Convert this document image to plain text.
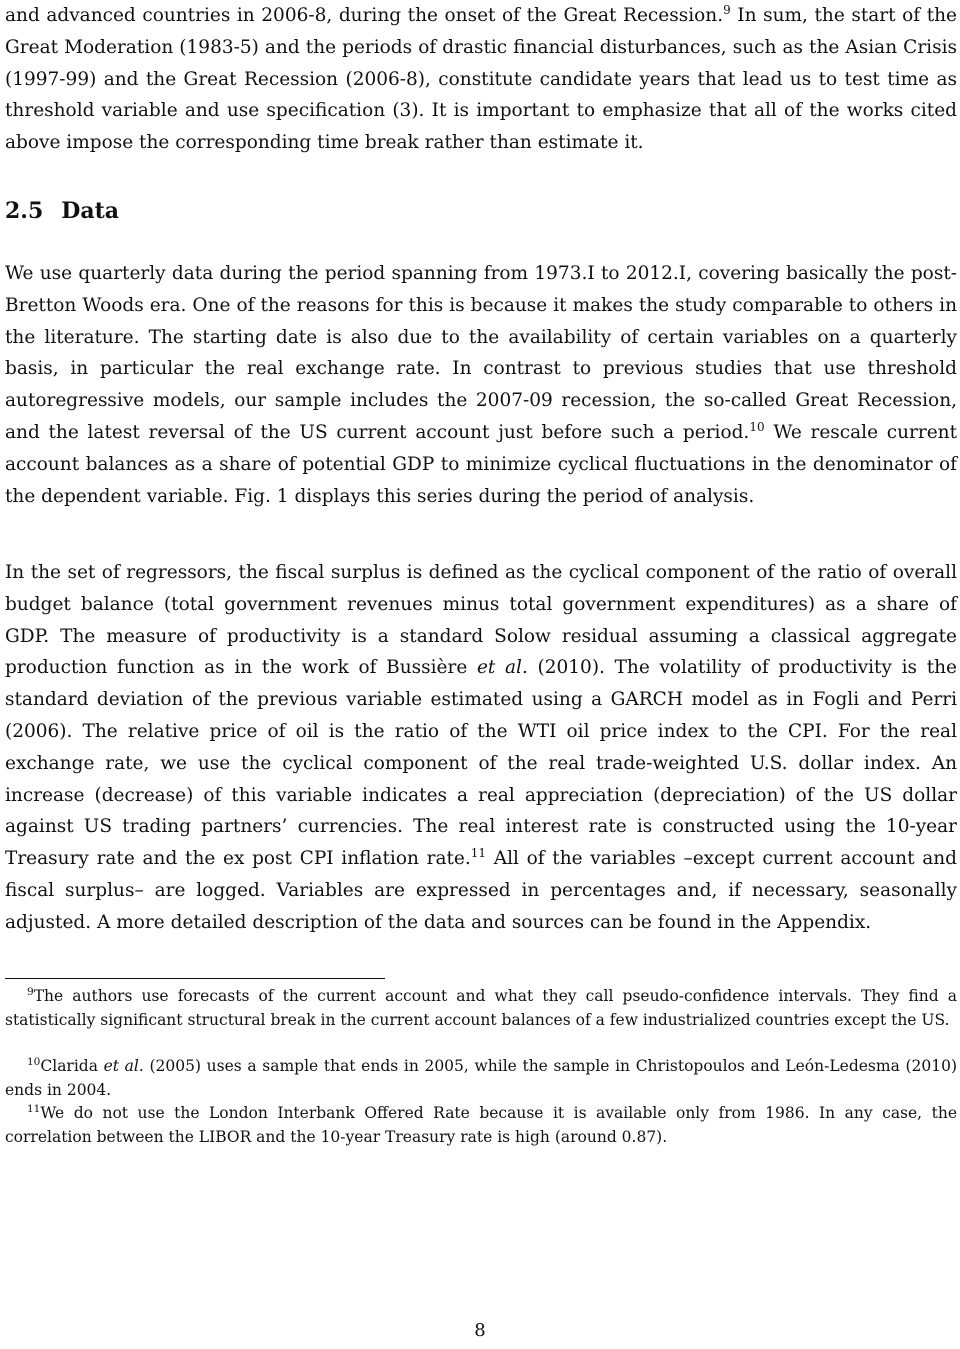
and advanced countries in 2006-8, during the onset of the Great Recession.$^9$ In sum, the start of the Great Moderation (1983-5) and the periods of drastic financial disturbances, such as the Asian Crisis (1997-99) and the Great Recession (2006-8), constitute candidate years that lead us to test time as threshold variable and use specification (3). It is important to emphasize that all of the works cited above impose the corresponding time break rather than estimate it.

2.5 Data

We use quarterly data during the period spanning from 1973.I to 2012.I, covering basically the post-Bretton Woods era. One of the reasons for this is because it makes the study comparable to others in the literature. The starting date is also due to the availability of certain variables on a quarterly basis, in particular the real exchange rate. In contrast to previous studies that use threshold autoregressive models, our sample includes the 2007-09 recession, the so-called Great Recession, and the latest reversal of the US current account just before such a period.$^{10}$ We rescale current account balances as a share of potential GDP to minimize cyclical fluctuations in the denominator of the dependent variable. Fig. 1 displays this series during the period of analysis.

In the set of regressors, the fiscal surplus is defined as the cyclical component of the ratio of overall budget balance (total government revenues minus total government expenditures) as a share of GDP. The measure of productivity is a standard Solow residual assuming a classical aggregate production function as in the work of Bussière et al. (2010). The volatility of productivity is the standard deviation of the previous variable estimated using a GARCH model as in Fogli and Perri (2006). The relative price of oil is the ratio of the WTI oil price index to the CPI. For the real exchange rate, we use the cyclical component of the real trade-weighted U.S. dollar index. An increase (decrease) of this variable indicates a real appreciation (depreciation) of the US dollar against US trading partners’ currencies. The real interest rate is constructed using the 10-year Treasury rate and the ex post CPI inflation rate.$^{11}$ All of the variables –except current account and fiscal surplus– are logged. Variables are expressed in percentages and, if necessary, seasonally adjusted. A more detailed description of the data and sources can be found in the Appendix.

$^9$The authors use forecasts of the current account and what they call pseudo-confidence intervals. They find a statistically significant structural break in the current account balances of a few industrialized countries except the US.

$^{10}$Clarida et al. (2005) uses a sample that ends in 2005, while the sample in Christopoulos and León-Ledesma (2010) ends in 2004.

$^{11}$We do not use the London Interbank Offered Rate because it is available only from 1986. In any case, the correlation between the LIBOR and the 10-year Treasury rate is high (around 0.87).

8
